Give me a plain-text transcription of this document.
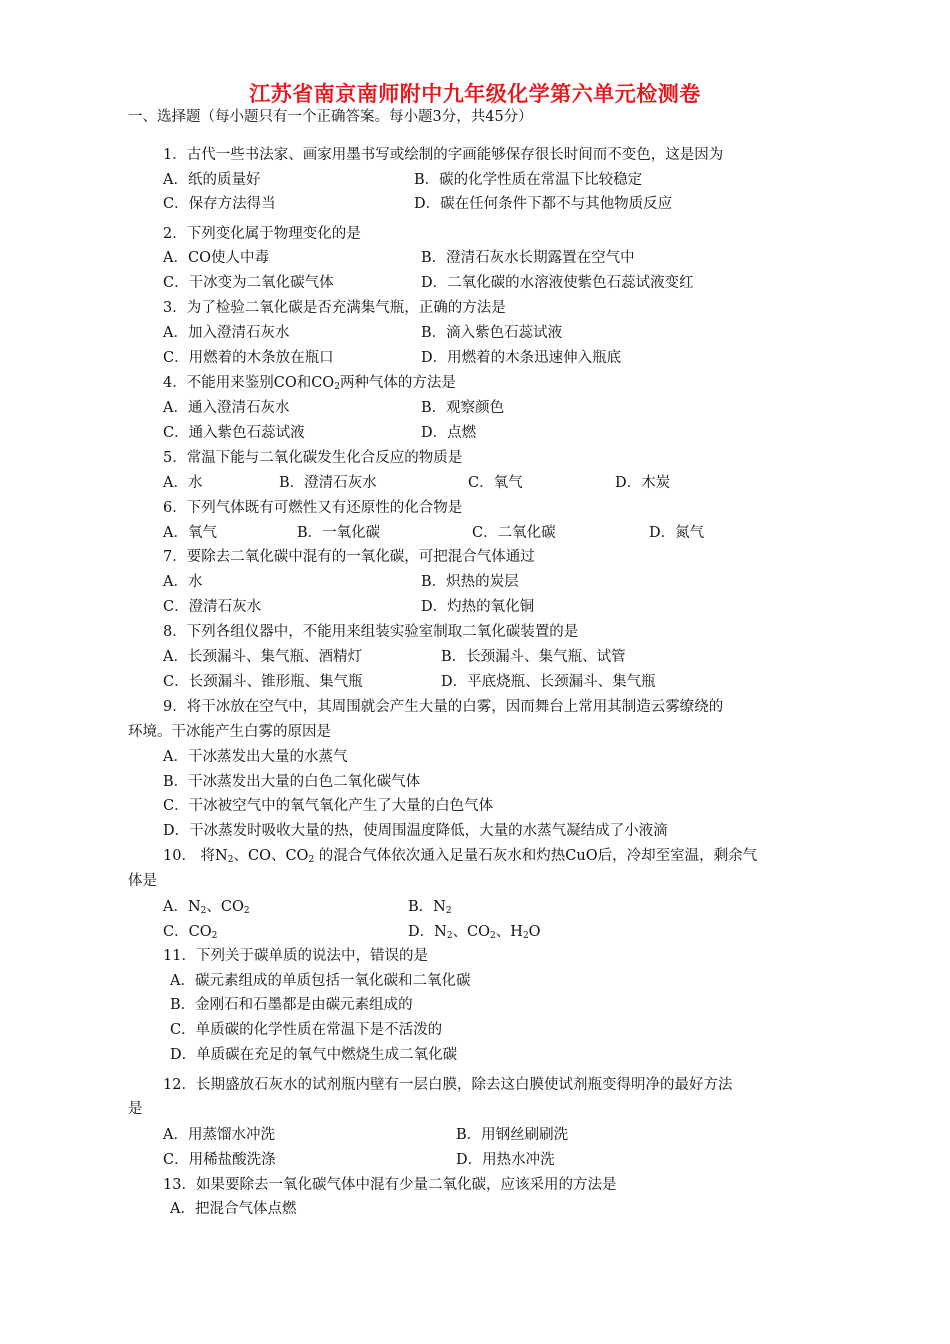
江苏省南京南师附中九年级化学第六单元检测卷
一、选择题（每小题只有一个正确答案。每小题3分，共45分）
1．古代一些书法家、画家用墨书写或绘制的字画能够保存很长时间而不变色，这是因为
A．纸的质量好	B．碳的化学性质在常温下比较稳定
C．保存方法得当	D．碳在任何条件下都不与其他物质反应
2．下列变化属于物理变化的是
A．CO使人中毒	B．澄清石灰水长期露置在空气中
C．干冰变为二氧化碳气体	D．二氧化碳的水溶液使紫色石蕊试液变红
3．为了检验二氧化碳是否充满集气瓶，正确的方法是
A．加入澄清石灰水	B．滴入紫色石蕊试液
C．用燃着的木条放在瓶口	D．用燃着的木条迅速伸入瓶底
4．不能用来鉴别CO和$CO_2$两种气体的方法是
A．通入澄清石灰水	B．观察颜色
C．通入紫色石蕊试液	D．点燃
5．常温下能与二氧化碳发生化合反应的物质是
A．水	B．澄清石灰水	C．氧气	D．木炭
6．下列气体既有可燃性又有还原性的化合物是
A．氧气	B．一氧化碳	C．二氧化碳	D．氮气
7．要除去二氧化碳中混有的一氧化碳，可把混合气体通过
A．水	B．炽热的炭层
C．澄清石灰水	D．灼热的氧化铜
8．下列各组仪器中，不能用来组装实验室制取二氧化碳装置的是
A．长颈漏斗、集气瓶、酒精灯	B．长颈漏斗、集气瓶、试管
C．长颈漏斗、锥形瓶、集气瓶	D．平底烧瓶、长颈漏斗、集气瓶
9．将干冰放在空气中，其周围就会产生大量的白雾，因而舞台上常用其制造云雾缭绕的
环境。干冰能产生白雾的原因是
A．干冰蒸发出大量的水蒸气
B．干冰蒸发出大量的白色二氧化碳气体
C．干冰被空气中的氧气氧化产生了大量的白色气体
D．干冰蒸发时吸收大量的热，使周围温度降低，大量的水蒸气凝结成了小液滴
10． 将$N_2$、CO、$CO_2$ 的混合气体依次通入足量石灰水和灼热CuO后，冷却至室温，剩余气
体是
A．$N_2$、$CO_2$	B．$N_2$
C．$CO_2$	D．$N_2$、$CO_2$、$H_2O$
11．下列关于碳单质的说法中，错误的是
A．碳元素组成的单质包括一氧化碳和二氧化碳
B．金刚石和石墨都是由碳元素组成的
C．单质碳的化学性质在常温下是不活泼的
D．单质碳在充足的氧气中燃烧生成二氧化碳
12．长期盛放石灰水的试剂瓶内壁有一层白膜，除去这白膜使试剂瓶变得明净的最好方法
是
A．用蒸馏水冲洗	B．用钢丝刷刷洗
C．用稀盐酸洗涤	D．用热水冲洗
13．如果要除去一氧化碳气体中混有少量二氧化碳，应该采用的方法是
A．把混合气体点燃
